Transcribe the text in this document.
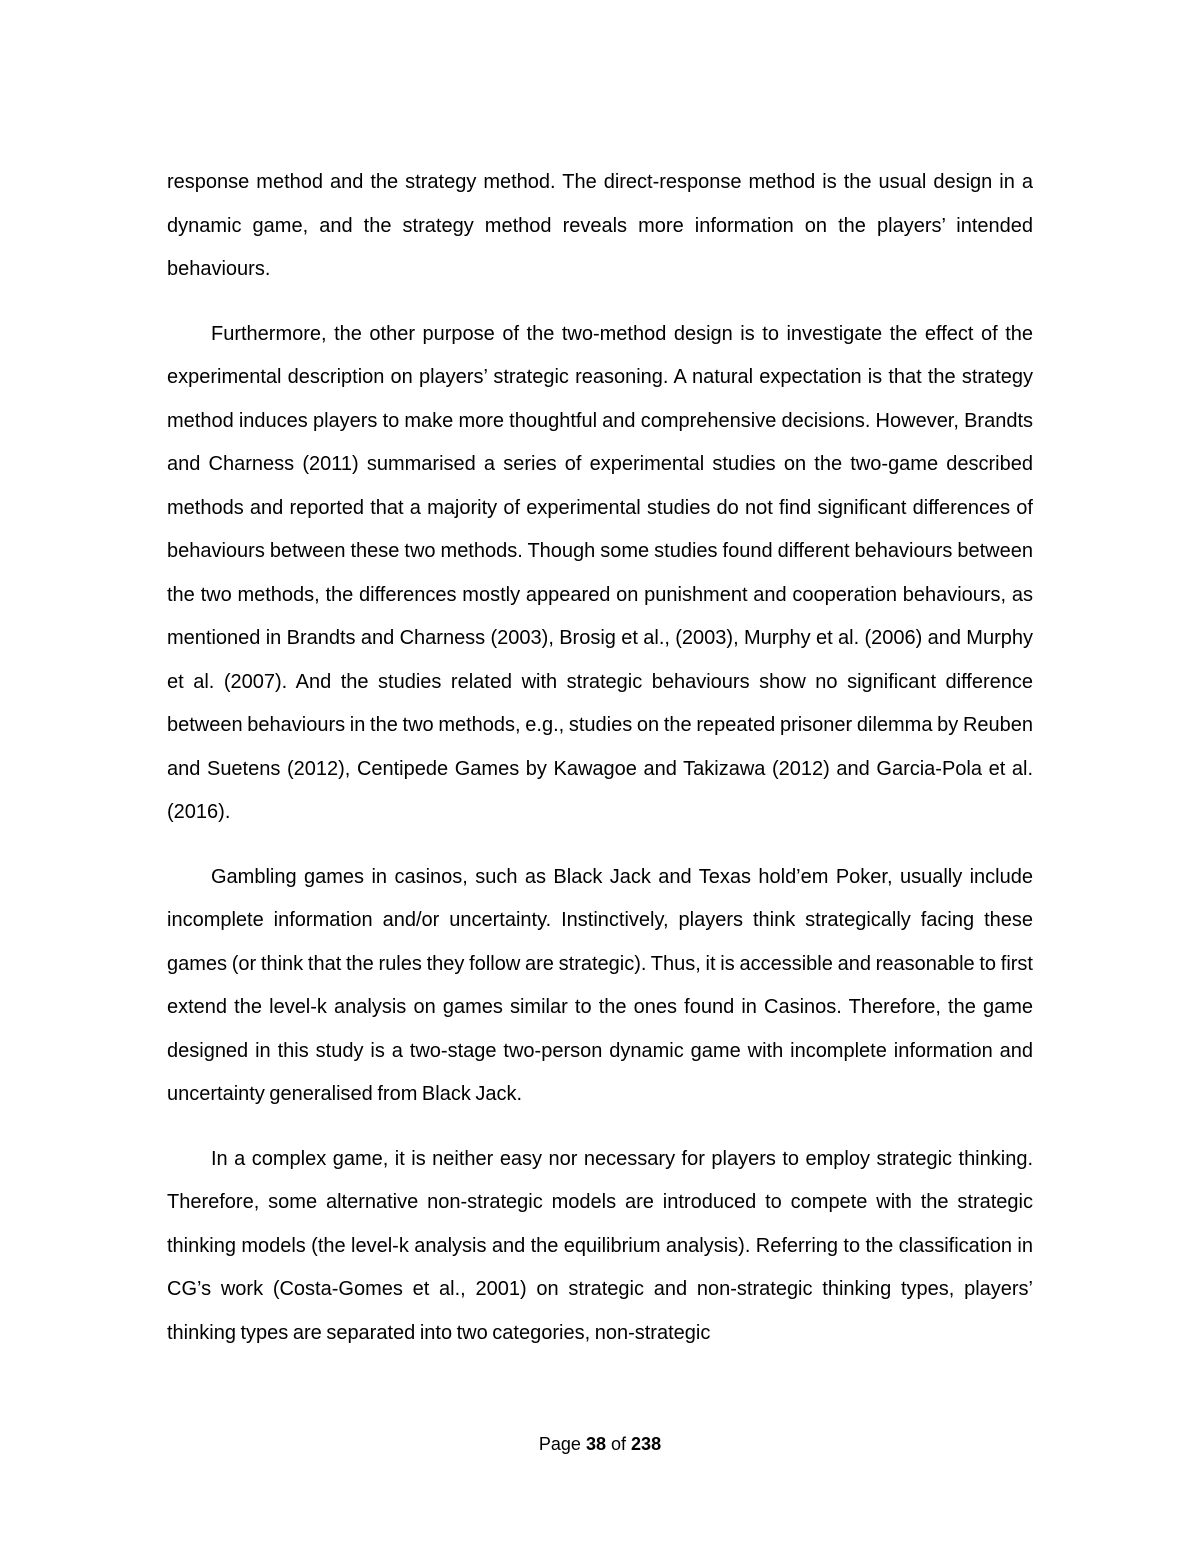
response method and the strategy method. The direct-response method is the usual design in a dynamic game, and the strategy method reveals more information on the players’ intended behaviours.

Furthermore, the other purpose of the two-method design is to investigate the effect of the experimental description on players’ strategic reasoning. A natural expectation is that the strategy method induces players to make more thoughtful and comprehensive decisions. However, Brandts and Charness (2011) summarised a series of experimental studies on the two-game described methods and reported that a majority of experimental studies do not find significant differences of behaviours between these two methods. Though some studies found different behaviours between the two methods, the differences mostly appeared on punishment and cooperation behaviours, as mentioned in Brandts and Charness (2003), Brosig et al., (2003), Murphy et al. (2006) and Murphy et al. (2007). And the studies related with strategic behaviours show no significant difference between behaviours in the two methods, e.g., studies on the repeated prisoner dilemma by Reuben and Suetens (2012), Centipede Games by Kawagoe and Takizawa (2012) and Garcia-Pola et al. (2016).

Gambling games in casinos, such as Black Jack and Texas hold’em Poker, usually include incomplete information and/or uncertainty. Instinctively, players think strategically facing these games (or think that the rules they follow are strategic). Thus, it is accessible and reasonable to first extend the level-k analysis on games similar to the ones found in Casinos. Therefore, the game designed in this study is a two-stage two-person dynamic game with incomplete information and uncertainty generalised from Black Jack.

In a complex game, it is neither easy nor necessary for players to employ strategic thinking. Therefore, some alternative non-strategic models are introduced to compete with the strategic thinking models (the level-k analysis and the equilibrium analysis). Referring to the classification in CG’s work (Costa-Gomes et al., 2001) on strategic and non-strategic thinking types, players’ thinking types are separated into two categories, non-strategic

Page 38 of 238
